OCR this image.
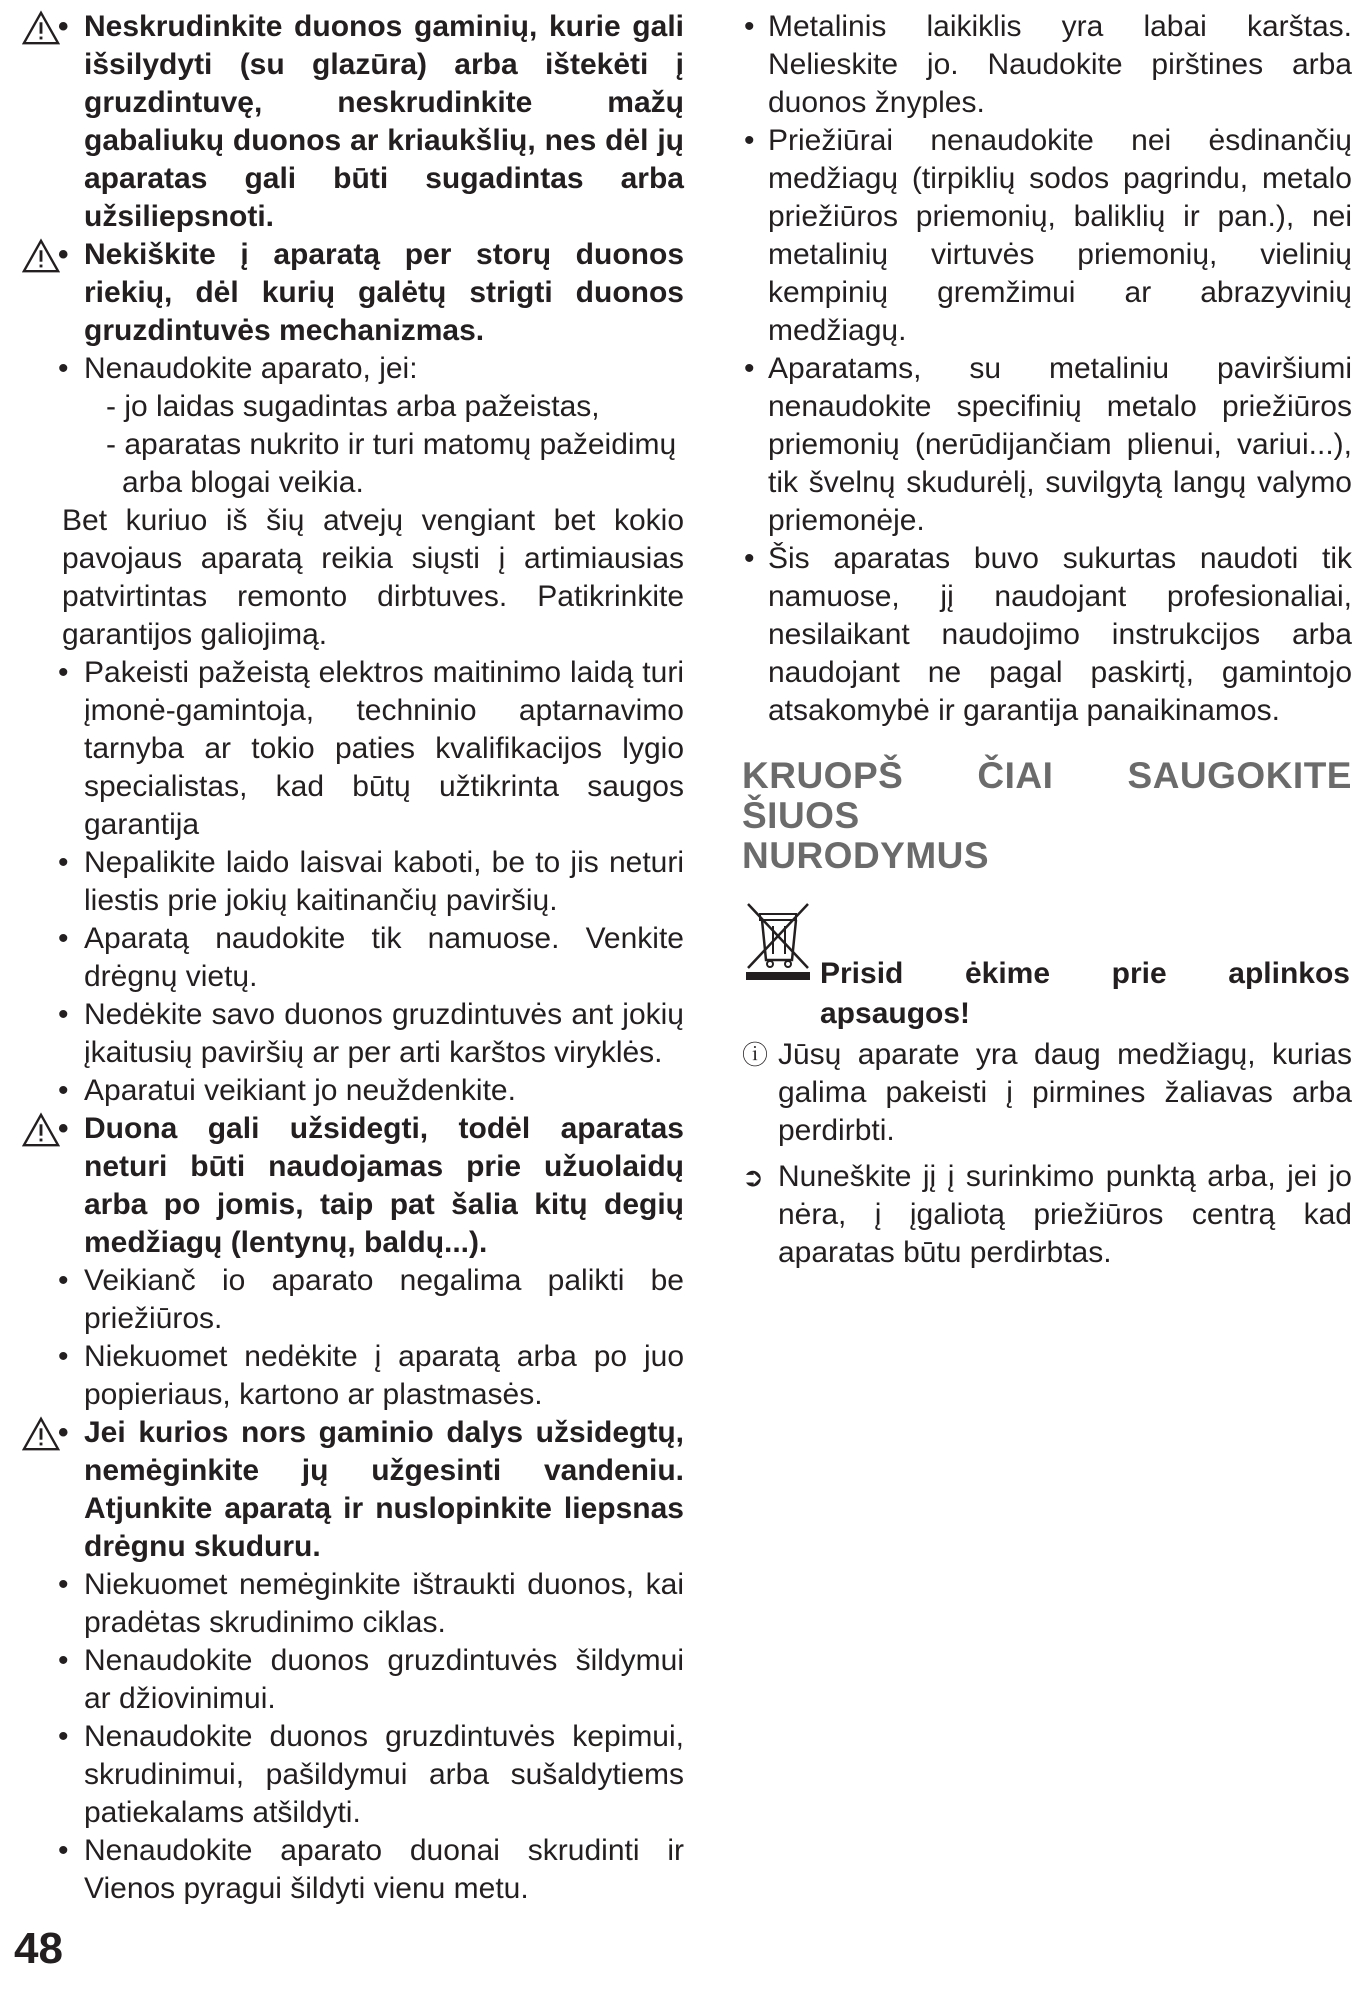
• Neskrudinkite duonos gaminių, kurie gali išsilydyti (su glazūra) arba ištekėti į gruzdintuvę, neskrudinkite mažų gabaliukų duonos ar kriaukšlių, nes dėl jų aparatas gali būti sugadintas arba užsiliepsnoti.
• Nekiškite į aparatą per storų duonos riekių, dėl kurių galėtų strigti duonos gruzdintuvės mechanizmas.
• Nenaudokite aparato, jei:
- jo laidas sugadintas arba pažeistas,
- aparatas nukrito ir turi matomų pažeidimų
arba blogai veikia.
Bet kuriuo iš šių atvejų vengiant bet kokio pavojaus aparatą reikia siųsti į artimiausias patvirtintas remonto dirbtuves. Patikrinkite garantijos galiojimą.
• Pakeisti pažeistą elektros maitinimo laidą turi įmonė-gamintoja, techninio aptarnavimo tarnyba ar tokio paties kvalifikacijos lygio specialistas, kad būtų užtikrinta saugos garantija
• Nepalikite laido laisvai kaboti, be to jis neturi liestis prie jokių kaitinančių paviršių.
• Aparatą naudokite tik namuose. Venkite drėgnų vietų.
• Nedėkite savo duonos gruzdintuvės ant jokių įkaitusių paviršių ar per arti karštos viryklės.
• Aparatui veikiant jo neuždenkite.
• Duona gali užsidegti, todėl aparatas neturi būti naudojamas prie užuolaidų arba po jomis, taip pat šalia kitų degių medžiagų (lentynų, baldų...).
• Veikianč io aparato negalima palikti be priežiūros.
• Niekuomet nedėkite į aparatą arba po juo popieriaus, kartono ar plastmasės.
• Jei kurios nors gaminio dalys užsidegtų, nemėginkite jų užgesinti vandeniu. Atjunkite aparatą ir nuslopinkite liepsnas drėgnu skuduru.
• Niekuomet nemėginkite ištraukti duonos, kai pradėtas skrudinimo ciklas.
• Nenaudokite duonos gruzdintuvės šildymui ar džiovinimui.
• Nenaudokite duonos gruzdintuvės kepimui, skrudinimui, pašildymui arba sušaldytiems patiekalams atšildyti.
• Nenaudokite aparato duonai skrudinti ir Vienos pyragui šildyti vienu metu.
• Metalinis laikiklis yra labai karštas. Nelieskite jo. Naudokite pirštines arba duonos žnyples.
• Priežiūrai nenaudokite nei ėsdinančių medžiagų (tirpiklių sodos pagrindu, metalo priežiūros priemonių, baliklių ir pan.), nei metalinių virtuvės priemonių, vielinių kempinių gremžimui ar abrazyvinių medžiagų.
• Aparatams, su metaliniu paviršiumi nenaudokite specifinių metalo priežiūros priemonių (nerūdijančiam plienui, variui...), tik švelnų skudurėlį, suvilgytą langų valymo priemonėje.
• Šis aparatas buvo sukurtas naudoti tik namuose, jį naudojant profesionaliai, nesilaikant naudojimo instrukcijos arba naudojant ne pagal paskirtį, gamintojo atsakomybė ir garantija panaikinamos.
KRUOPŠ ČIAI SAUGOKITE ŠIUOS
NURODYMUS
Prisid ėkime prie aplinkos
apsaugos!
ⓘ Jūsų aparate yra daug medžiagų, kurias galima pakeisti į pirmines žaliavas arba perdirbti.
➲ Nuneškite jį į surinkimo punktą arba, jei jo nėra, į įgaliotą priežiūros centrą kad aparatas būtu perdirbtas.
48
